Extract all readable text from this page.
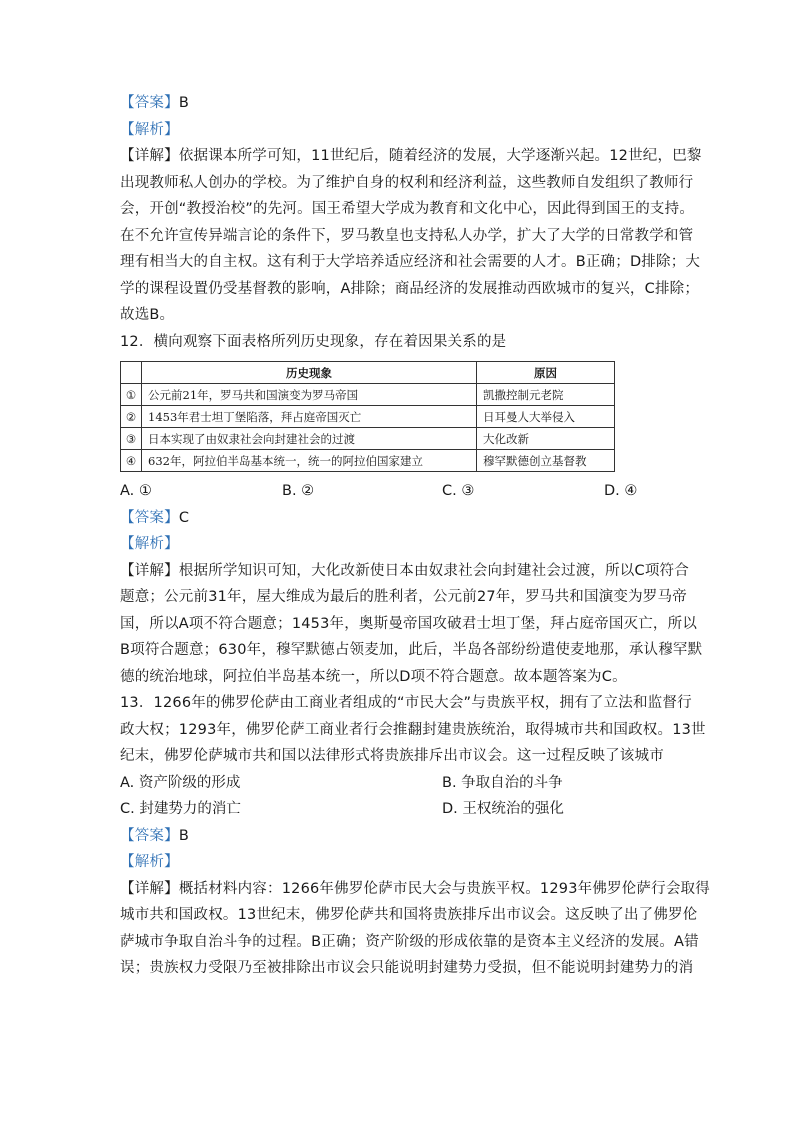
【答案】B
【解析】
【详解】依据课本所学可知，11世纪后，随着经济的发展，大学逐渐兴起。12世纪，巴黎
出现教师私人创办的学校。为了维护自身的权利和经济利益，这些教师自发组织了教师行
会，开创“教授治校”的先河。国王希望大学成为教育和文化中心，因此得到国王的支持。
在不允许宣传异端言论的条件下，罗马教皇也支持私人办学，扩大了大学的日常教学和管
理有相当大的自主权。这有利于大学培养适应经济和社会需要的人才。B正确；D排除；大
学的课程设置仍受基督教的影响，A排除；商品经济的发展推动西欧城市的复兴，C排除；
故选B。
12．横向观察下面表格所列历史现象，存在着因果关系的是
	历史现象	原因
①	公元前21年，罗马共和国演变为罗马帝国	凯撒控制元老院
②	1453年君士坦丁堡陷落，拜占庭帝国灭亡	日耳曼人大举侵入
③	日本实现了由奴隶社会向封建社会的过渡	大化改新
④	632年，阿拉伯半岛基本统一，统一的阿拉伯国家建立	穆罕默德创立基督教
A. ①	B. ②	C. ③	D. ④
【答案】C
【解析】
【详解】根据所学知识可知，大化改新使日本由奴隶社会向封建社会过渡，所以C项符合
题意；公元前31年，屋大维成为最后的胜利者，公元前27年，罗马共和国演变为罗马帝
国，所以A项不符合题意；1453年，奥斯曼帝国攻破君士坦丁堡，拜占庭帝国灭亡，所以
B项符合题意；630年，穆罕默德占领麦加，此后，半岛各部纷纷遣使麦地那，承认穆罕默
德的统治地球，阿拉伯半岛基本统一，所以D项不符合题意。故本题答案为C。
13．1266年的佛罗伦萨由工商业者组成的“市民大会”与贵族平权，拥有了立法和监督行
政大权；1293年，佛罗伦萨工商业者行会推翻封建贵族统治，取得城市共和国政权。13世
纪末，佛罗伦萨城市共和国以法律形式将贵族排斥出市议会。这一过程反映了该城市
A. 资产阶级的形成	B. 争取自治的斗争
C. 封建势力的消亡	D. 王权统治的强化
【答案】B
【解析】
【详解】概括材料内容：1266年佛罗伦萨市民大会与贵族平权。1293年佛罗伦萨行会取得
城市共和国政权。13世纪末，佛罗伦萨共和国将贵族排斥出市议会。这反映了出了佛罗伦
萨城市争取自治斗争的过程。B正确；资产阶级的形成依靠的是资本主义经济的发展。A错
误；贵族权力受限乃至被排除出市议会只能说明封建势力受损，但不能说明封建势力的消
